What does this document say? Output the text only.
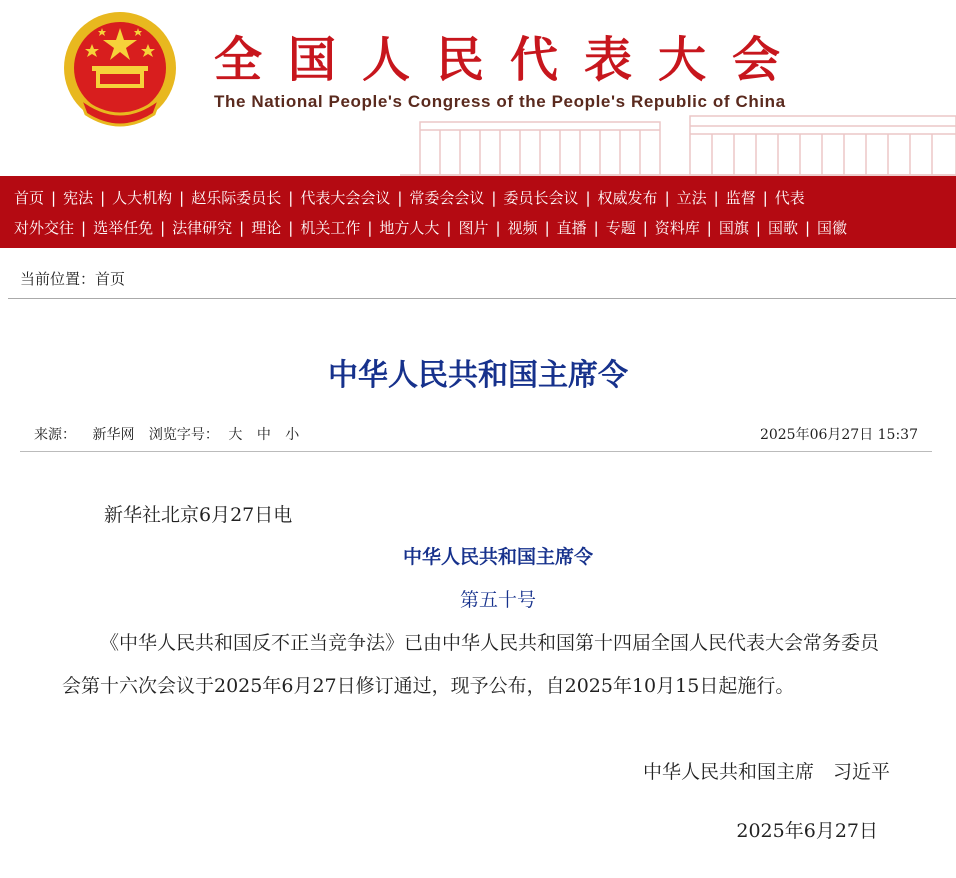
全国人民代表大会
The National People's Congress of the People's Republic of China
首页 | 宪法 | 人大机构 | 赵乐际委员长 | 代表大会会议 | 常委会会议 | 委员长会议 | 权威发布 | 立法 | 监督 | 代表
对外交往 | 选举任免 | 法律研究 | 理论 | 机关工作 | 地方人大 | 图片 | 视频 | 直播 | 专题 | 资料库 | 国旗 | 国歌 | 国徽
当前位置：首页
中华人民共和国主席令
来源： 新华网 浏览字号： 大 中 小	2025年06月27日 15:37
新华社北京6月27日电
中华人民共和国主席令
第五十号

《中华人民共和国反不正当竞争法》已由中华人民共和国第十四届全国人民代表大会常务委员会第十六次会议于2025年6月27日修订通过，现予公布，自2025年10月15日起施行。

中华人民共和国主席　习近平
2025年6月27日
